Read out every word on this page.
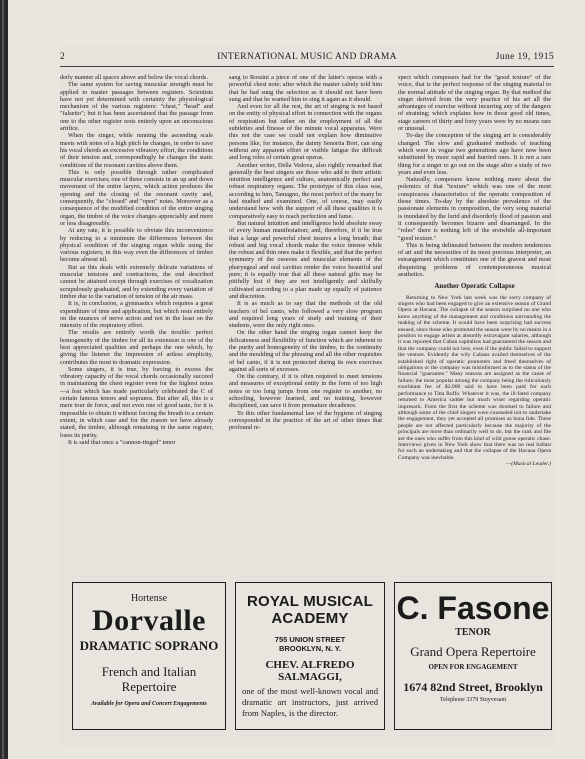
2	INTERNATIONAL MUSIC AND DRAMA	June 19, 1915

derly manner all spaces above and below the vocal chords.

The same system for saving muscular strength must be applied to master passages between registers. Scientists have not yet determined with certainty the physiological mechanism of the various registers: "chest," "head" and "falsetto"; but it has been ascertained that the passage from one to the other register rests entirely upon an unconscious artifice.

When the singer, while running the ascending scale meets with notes of a high pitch he changes, in order to save his vocal chords an excessive vibratory effort, the conditions of their tension and, correspondingly he changes the static conditions of the resonant cavities above them.

This is only possible through rather complicated muscular exercises; one of these consists in an up and down movement of the entire larynx, which action produces the opening and the closing of the resonant cavity and, consequently, the "closed" and "open" notes. Moreover as a consequence of the modified condition of the entire singing organ, the timbre of the voice changes appreciably and more or less disagreeably.

At any rate, it is possible to obviate this inconvenience by reducing to a minimum the differences between the physical condition of the singing organ while using the various registers; in this way even the differences of timbre become almost nil.

But as this deals with extremely delicate variations of muscular tensions and contractions, the end described cannot be attained except through exercises of vocalization scrupulously graduated, and by extending every variation of timbre due to the variation of tension of the air mass.

It is, in conclusion, a gymnastics which requires a great expenditure of time and application, but which rests entirely on the nuances of nerve action and not in the least on the intensity of the respiratory effort.

The results are entirely worth the trouble: perfect homogeneity of the timbre for all its extension is one of the best appreciated qualities and perhaps the one which, by giving the listener the impression of artless simplicity, contributes the most to dramatic expression.

Some singers, it is true, by forcing to excess the vibratory capacity of the vocal chords occasionally succeed in maintaining the chest register even for the highest notes—a feat which has made particularly celebrated the C of certain famous tenors and sopranos. But after all, this is a mere tour de force, and not even one of good taste, for it is impossible to obtain it without forcing the breath to a certain extent, in which case and for the reason we have already stated, the timbre, although remaining in the same register, loses its purity.

It is said that once a "cannon-tinged" tenor

sang to Rossini a piece of one of the latter's operas with a powerful chest note; after which the master calmly told him that he had sung the selection as it should not have been sung and that he wanted him to sing it again as it should.

And even for all the rest, the art of singing is not based on the entity of physical effort in connection with the organs of respiration but rather on the employment of all the subtleties and finesse of the minute vocal apparatus. Were this not the case we could not explain how diminutive persons like, for instance, the dainty Senorita Bori, can sing without any apparent effort or visible fatigue the difficult and long roles of certain great operas.

Another writer, Della Vedova, also rightly remarked that generally the best singers are those who add to their artistic intuition intelligence and culture, anatomically perfect and robust respiratory organs. The prototype of this class was, according to him, Tamagno, the most perfect of the many he had studied and examined. One, of course, may easily understand how with the support of all these qualities it is comparatively easy to reach perfection and fame.

But natural intuition and intelligence hold absolute sway of every human manifestation; and, therefore, if it be true that a large and powerful chest insures a long breath; that robust and big vocal chords make the voice intense while the robust and thin ones make it flexible, and that the perfect symmetry of the osseous and muscular elements of the pharyngeal and oral cavities render the voice beautiful and pure; it is equally true that all these natural gifts may be pitifully lost if they are not intelligently and skilfully cultivated according to a plan made up equally of patience and discretion.

It is as much as to say that the methods of the old teachers of bel canto, who followed a very slow program and required long years of study and training of their students, were the only right ones.

On the other hand the singing organ cannot keep the delicateness and flexibility of function which are inherent to the purity and homogeneity of the timbre, to the continuity and the moulding of the phrasing and all the other requisites of bel canto, if it is not protected during its own exercises against all sorts of excesses.

On the contrary, if it is often required to meet tensions and measures of exceptional entity in the form of too high notes or too long jumps from one register to another, no schooling, however learned, and no training, however disciplined, can save it from premature decadence.

To this other fundamental law of the hygiene of singing corresponded in the practice of the art of other times that profound re-

spect which composers had for the "good texture" of the voice, that is the perfect response of the singing material to the normal attitude of the singing organ. By that method the singer derived from the very practice of his art all the advantages of exercise without incurring any of the dangers of straining; which explains how in those good old times, stage careers of thirty and forty years were by no means rare or unusual.

To-day the conception of the singing art is considerably changed. The slow and graduated methods of teaching which were in vogue two generations ago have now been substituted by more rapid and hurried ones. It is not a rare thing for a singer to go out on the stage after a study of two years and even less.

Naturally, composers know nothing more about the polemics of that "texture" which was one of the most conspicuous characteristics of the operatic composition of those times. To-day by the absolute prevalence of the passionate elements in composition, the very song material is inundated by the lurid and disorderly flood of passion and it consequently becomes bizarre and disarranged. In the "roles" there is nothing left of the erstwhile all-important "good texture."

This is being delineated between the modern tendencies of art and the necessities of its most precious interpreter, an estrangement which constitutes one of the gravest and most disquieting problems of contemporaneous musical aesthetics.

Another Operatic Collapse

Returning to New York last week was the sorry company of singers who had been engaged to give an extensive season of Grand Opera at Havana. The collapse of the season surprised no one who knew anything of the management and conditions surrounding the making of the scheme. It would have been surprising had success ensued, since those who promoted the season were by no means in a position to engage artists at absurdly extravagant salaries, although it was reported that Cuban capitalists had guaranteed the season and that the company could not lose, even if the public failed to support the venture. Evidently the wily Cubans availed themselves of the established right of operatic promoters and freed themselves of obligations or the company was misinformed as to the status of the financial "guarantee." Many reasons are assigned as the cause of failure, the most popular among the company being the ridiculously exorbitant fee of $2,000 said to have been paid for each performance to Titta Ruffo. Whatever it was, the ill-fated company returned to America sadder but much wiser regarding operatic impresarii. From the first the scheme was doomed to failure and although some of the chief singers were counseled not to undertake the engagement, they yet accepted all promises as bona fide. These people are not affected particularly because the majority of the principals are more than ordinarily well to do, but the rank and file are the ones who suffer from this kind of wild goose operatic chase. Interviews given in New York show that there was no real ballast for such an undertaking and that the collapse of the Havana Opera Company was inevitable.

—(Musical Leader.)
Hortense
Dorvalle
DRAMATIC SOPRANO
French and Italian
Repertoire
Available for Opera and Concert Engagements
ROYAL MUSICAL ACADEMY
755 UNION STREET
BROOKLYN, N. Y.
CHEV. ALFREDO SALMAGGI,
one of the most well-known vocal and dramatic art instructors, just arrived from Naples, is the director.
C. Fasone
TENOR
Grand Opera Repertoire
OPEN FOR ENGAGEMENT
1674 82nd Street, Brooklyn
Telephone 3379 Stuyvesant
